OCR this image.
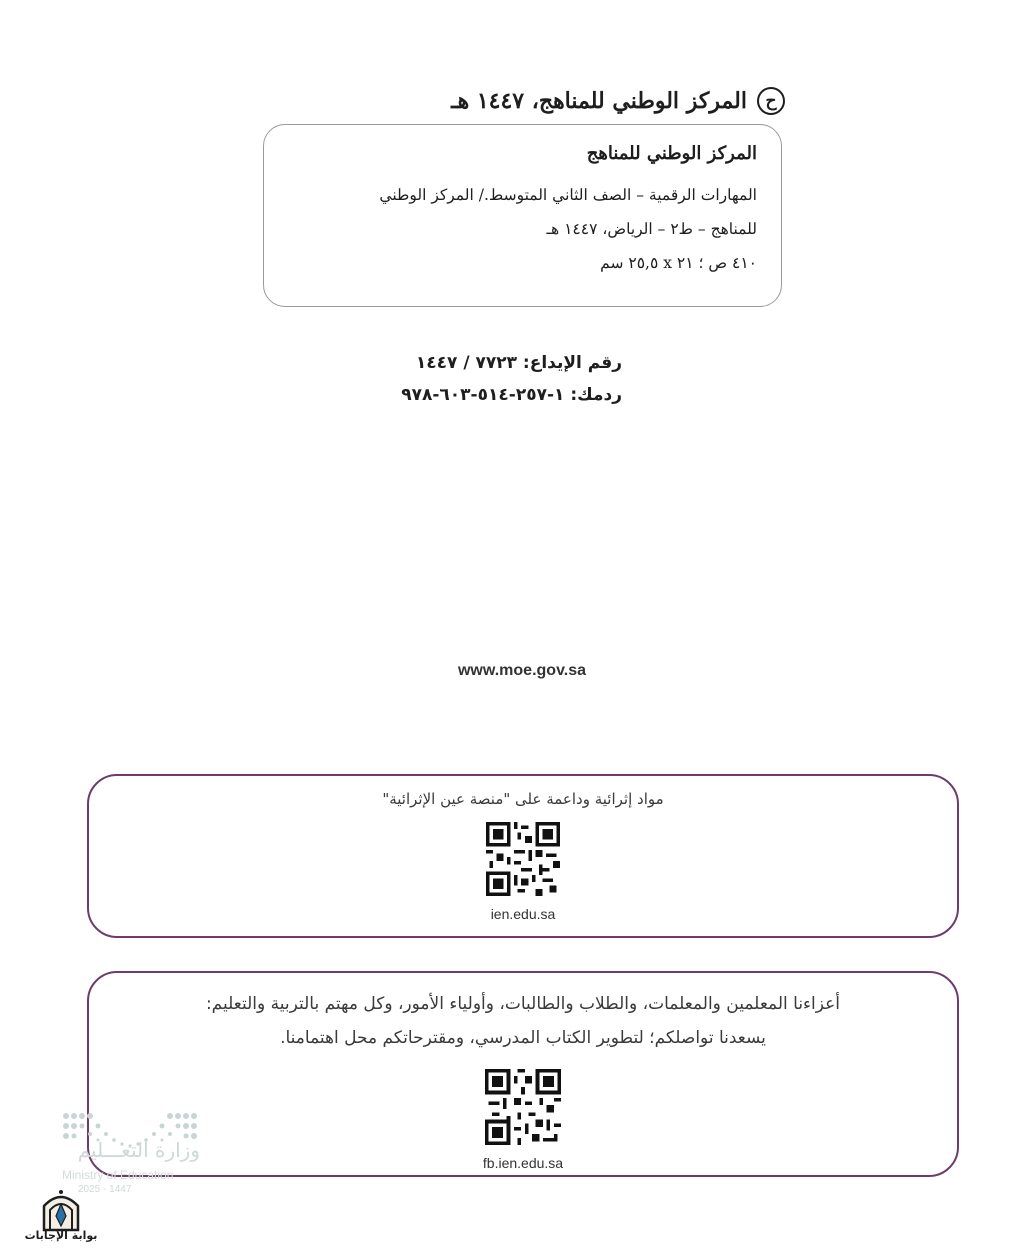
ح
المركز الوطني للمناهج، ١٤٤٧ هـ
المركز الوطني للمناهج
المهارات الرقمية – الصف الثاني المتوسط./ المركز الوطني
للمناهج – ط٢ – الرياض، ١٤٤٧ هـ
٤١٠ ص ؛ ٢١ x ٢٥,٥ سم
رقم الإيداع: ٧٧٢٣ / ١٤٤٧
ردمك: ١-٢٥٧-٥١٤-٦٠٣-٩٧٨
www.moe.gov.sa
مواد إثرائية وداعمة على "منصة عين الإثرائية"
ien.edu.sa
أعزاءنا المعلمين والمعلمات، والطلاب والطالبات، وأولياء الأمور، وكل مهتم بالتربية والتعليم:
يسعدنا تواصلكم؛ لتطوير الكتاب المدرسي، ومقترحاتكم محل اهتمامنا.
fb.ien.edu.sa
وزارة التعـــليم
Ministry of Education
2025 - 1447
بوابة الإجابات
